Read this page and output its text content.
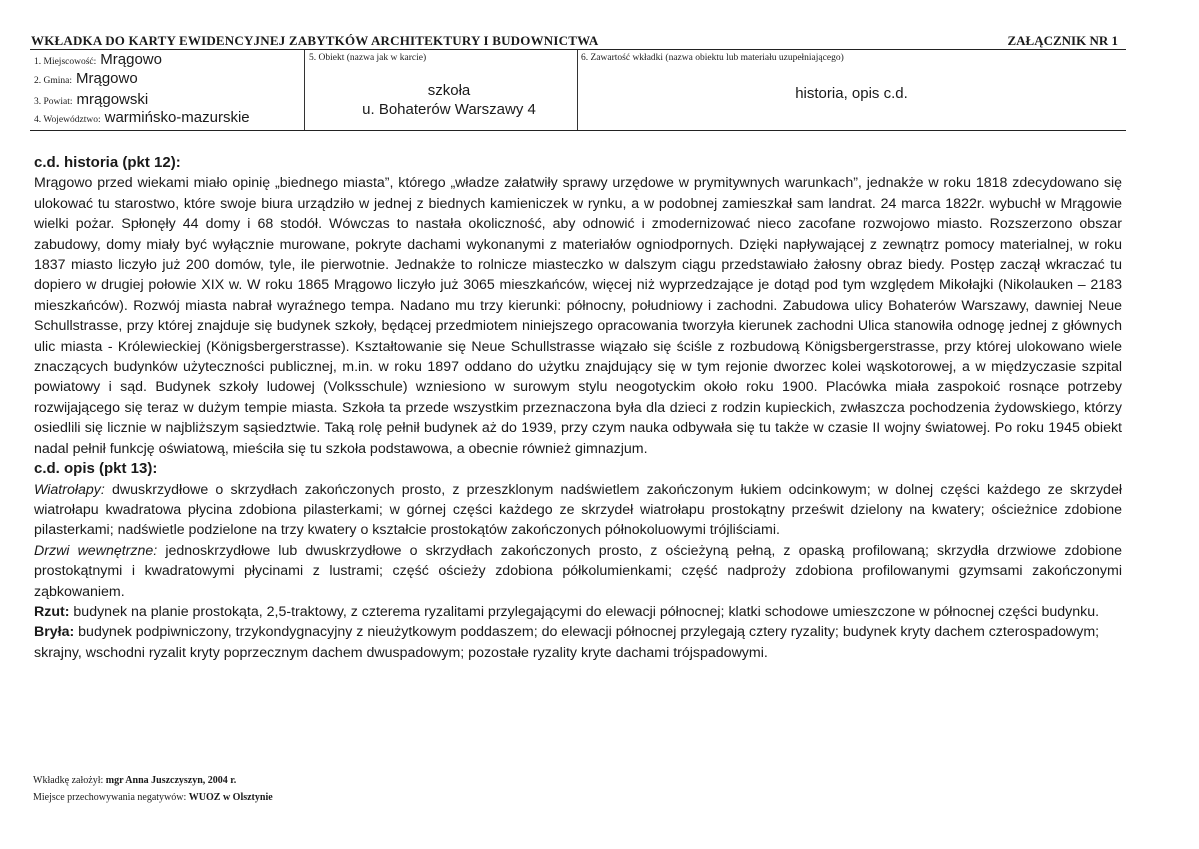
WKŁADKA DO KARTY EWIDENCYJNEJ ZABYTKÓW ARCHITEKTURY I BUDOWNICTWA	ZAŁĄCZNIK NR 1
1. Miejscowość: Mrągowo
2. Gmina: Mrągowo
3. Powiat: mrągowski
4. Województwo: warmińsko-mazurskie
5. Obiekt (nazwa jak w karcie)
szkoła
u. Bohaterów Warszawy 4
6. Zawartość wkładki (nazwa obiektu lub materiału uzupełniającego)
historia, opis c.d.
c.d. historia (pkt 12):

Mrągowo przed wiekami miało opinię „biednego miasta”, którego „władze załatwiły sprawy urzędowe w prymitywnych warunkach”, jednakże w roku 1818 zdecydowano się ulokować tu starostwo, które swoje biura urządziło w jednej z biednych kamieniczek w rynku, a w podobnej zamieszkał sam landrat. 24 marca 1822r. wybuchł w Mrągowie wielki pożar. Spłonęły 44 domy i 68 stodół. Wówczas to nastała okoliczność, aby odnowić i zmodernizować nieco zacofane rozwojowo miasto. Rozszerzono obszar zabudowy, domy miały być wyłącznie murowane, pokryte dachami wykonanymi z materiałów ogniodpornych. Dzięki napływającej z zewnątrz pomocy materialnej, w roku 1837 miasto liczyło już 200 domów, tyle, ile pierwotnie. Jednakże to rolnicze miasteczko w dalszym ciągu przedstawiało żałosny obraz biedy. Postęp zaczął wkraczać tu dopiero w drugiej połowie XIX w. W roku 1865 Mrągowo liczyło już 3065 mieszkańców, więcej niż wyprzedzające je dotąd pod tym względem Mikołajki (Nikolauken – 2183 mieszkańców). Rozwój miasta nabrał wyraźnego tempa. Nadano mu trzy kierunki: północny, południowy i zachodni. Zabudowa ulicy Bohaterów Warszawy, dawniej Neue Schullstrasse, przy której znajduje się budynek szkoły, będącej przedmiotem niniejszego opracowania tworzyła kierunek zachodni Ulica stanowiła odnogę jednej z głównych ulic miasta - Królewieckiej (Königsbergerstrasse). Kształtowanie się Neue Schullstrasse wiązało się ściśle z rozbudową Königsbergerstrasse, przy której ulokowano wiele znaczących budynków użyteczności publicznej, m.in. w roku 1897 oddano do użytku znajdujący się w tym rejonie dworzec kolei wąskotorowej, a w międzyczasie szpital powiatowy i sąd. Budynek szkoły ludowej (Volksschule) wzniesiono w surowym stylu neogotyckim około roku 1900. Placówka miała zaspokoić rosnące potrzeby rozwijającego się teraz w dużym tempie miasta. Szkoła ta przede wszystkim przeznaczona była dla dzieci z rodzin kupieckich, zwłaszcza pochodzenia żydowskiego, którzy osiedlili się licznie w najbliższym sąsiedztwie. Taką rolę pełnił budynek aż do 1939, przy czym nauka odbywała się tu także w czasie II wojny światowej. Po roku 1945 obiekt nadal pełnił funkcję oświatową, mieściła się tu szkoła podstawowa, a obecnie również gimnazjum.

c.d. opis (pkt 13):

Wiatrołapy: dwuskrzydłowe o skrzydłach zakończonych prosto, z przeszklonym nadświetlem zakończonym łukiem odcinkowym; w dolnej części każdego ze skrzydeł wiatrołapu kwadratowa płycina zdobiona pilasterkami; w górnej części każdego ze skrzydeł wiatrołapu prostokątny prześwit dzielony na kwatery; ościeżnice zdobione pilasterkami; nadświetle podzielone na trzy kwatery o kształcie prostokątów zakończonych półnokoluowymi trójliściami.

Drzwi wewnętrzne: jednoskrzydłowe lub dwuskrzydłowe o skrzydłach zakończonych prosto, z ościeżyną pełną, z opaską profilowaną; skrzydła drzwiowe zdobione prostokątnymi i kwadratowymi płycinami z lustrami; część ościeży zdobiona półkolumienkami; część nadproży zdobiona profilowanymi gzymsami zakończonymi ząbkowaniem.

Rzut: budynek na planie prostokąta, 2,5-traktowy, z czterema ryzalitami przylegającymi do elewacji północnej; klatki schodowe umieszczone w północnej części budynku.

Bryła: budynek podpiwniczony, trzykondygnacyjny z nieużytkowym poddaszem; do elewacji północnej przylegają cztery ryzality; budynek kryty dachem czterospadowym; skrajny, wschodni ryzalit kryty poprzecznym dachem dwuspadowym; pozostałe ryzality kryte dachami trójspadowymi.

Wkładkę założył: mgr Anna Juszczyszyn, 2004 r.
Miejsce przechowywania negatywów: WUOZ w Olsztynie
